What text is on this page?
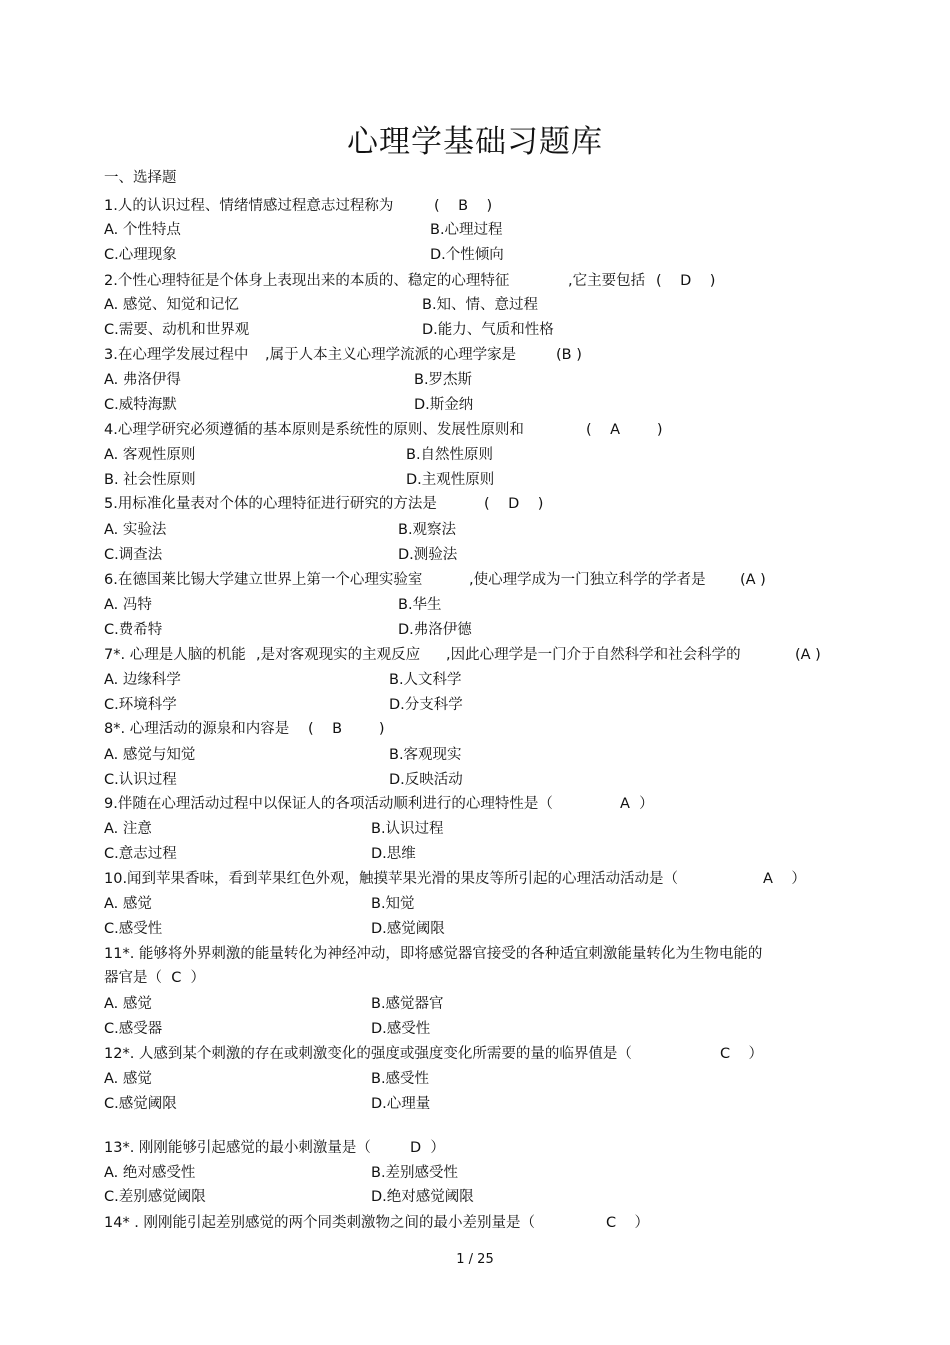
心理学基础习题库
一、选择题
1.人的认识过程、情绪情感过程意志过程称为	(    B    )
A. 个性特点	B.心理过程
C.心理现象	D.个性倾向
2.个性心理特征是个体身上表现出来的本质的、稳定的心理特征	,它主要包括 (    D    )
A. 感觉、知觉和记忆	B.知、情、意过程
C.需要、动机和世界观	D.能力、气质和性格
3.在心理学发展过程中 ,属于人本主义心理学流派的心理学家是	(B )
A. 弗洛伊得	B.罗杰斯
C.威特海默	D.斯金纳
4.心理学研究必须遵循的基本原则是系统性的原则、发展性原则和	(    A        )
A. 客观性原则	B.自然性原则
B. 社会性原则	D.主观性原则
5.用标准化量表对个体的心理特征进行研究的方法是	(    D    )
A. 实验法	B.观察法
C.调查法	D.测验法
6.在德国莱比锡大学建立世界上第一个心理实验室	,使心理学成为一门独立科学的学者是 (A )
A. 冯特	B.华生
C.费希特	D.弗洛伊德
7*. 心理是人脑的机能 ,是对客观现实的主观反应 ,因此心理学是一门介于自然科学和社会科学的	(A )
A. 边缘科学	B.人文科学
C.环境科学	D.分支科学
8*. 心理活动的源泉和内容是 (    B        )
A. 感觉与知觉	B.客观现实
C.认识过程	D.反映活动
9.伴随在心理活动过程中以保证人的各项活动顺利进行的心理特性是（	A  ）
A. 注意	B.认识过程
C.意志过程	D.思维
10.闻到苹果香味，看到苹果红色外观，触摸苹果光滑的果皮等所引起的心理活动活动是（	A    ）
A. 感觉	B.知觉
C.感受性	D.感觉阈限
11*. 能够将外界刺激的能量转化为神经冲动，即将感觉器官接受的各种适宜刺激能量转化为生物电能的
器官是（  C  ）
A. 感觉	B.感觉器官
C.感受器	D.感受性
12*. 人感到某个刺激的存在或刺激变化的强度或强度变化所需要的量的临界值是（	C    ）
A. 感觉	B.感受性
C.感觉阈限	D.心理量
13*. 刚刚能够引起感觉的最小刺激量是（	D  ）
A. 绝对感受性	B.差别感受性
C.差别感觉阈限	D.绝对感觉阈限
14* . 刚刚能引起差别感觉的两个同类刺激物之间的最小差别量是（	C    ）
1 / 25
